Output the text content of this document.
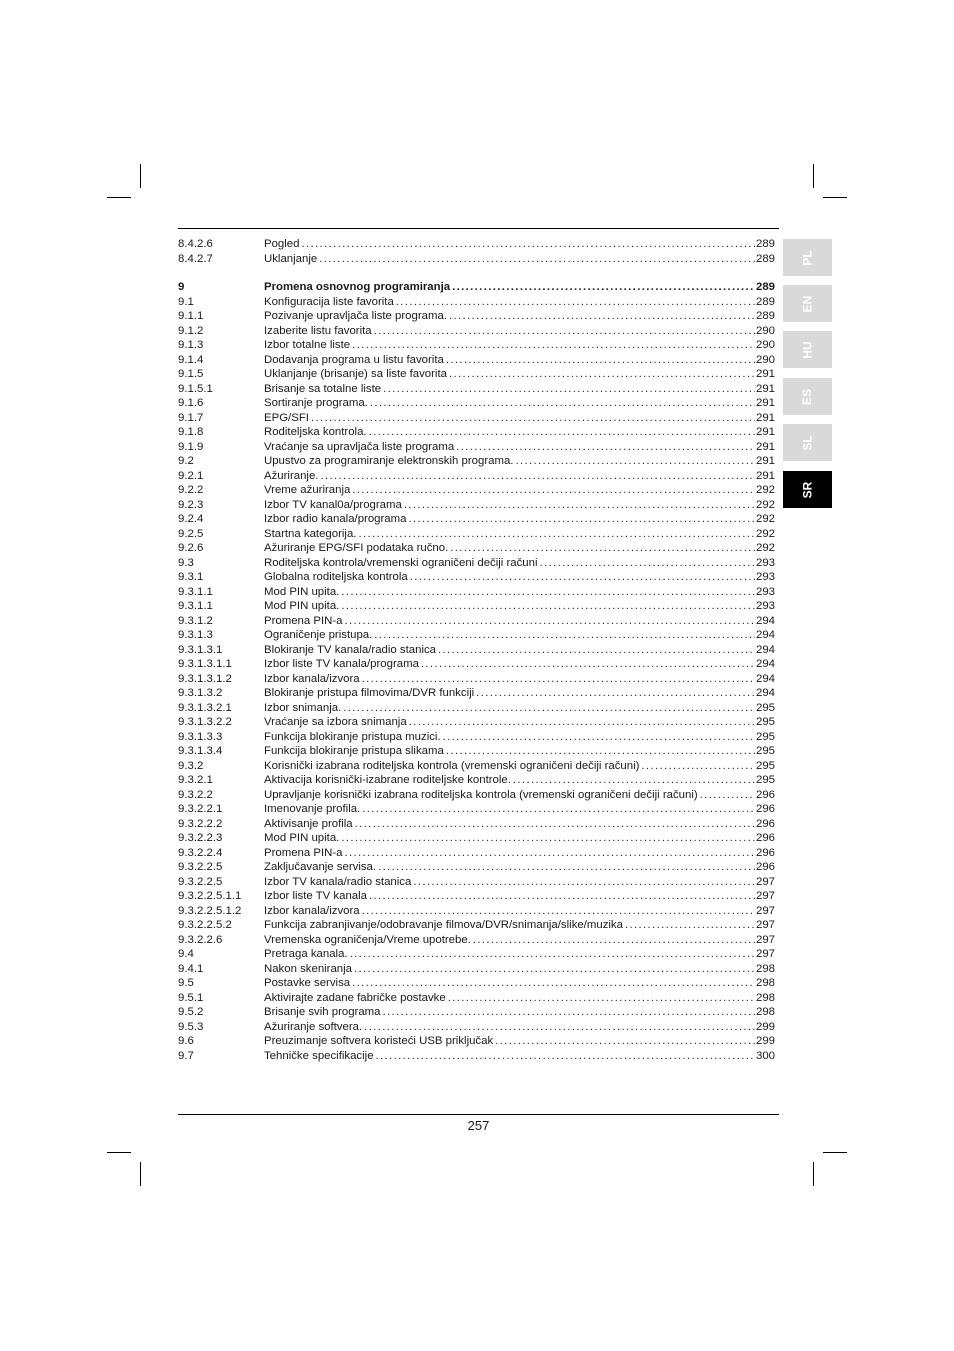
8.4.2.6	Pogled .....	289
8.4.2.7	Uklanjanje .....	289
9	Promena osnovnog programiranja .....	289
9.1	Konfiguracija liste favorita .....	289
9.1.1	Pozivanje upravljača liste programa. .....	289
9.1.2	Izaberite listu favorita .....	290
9.1.3	Izbor totalne liste .....	290
9.1.4	Dodavanja programa u listu favorita .....	290
9.1.5	Uklanjanje (brisanje) sa liste favorita .....	291
9.1.5.1	Brisanje sa totalne liste .....	291
9.1.6	Sortiranje programa. .....	291
9.1.7	EPG/SFI .....	291
9.1.8	Roditeljska kontrola. .....	291
9.1.9	Vraćanje sa upravljača liste programa .....	291
9.2	Upustvo za programiranje elektronskih programa. .....	291
9.2.1	Ažuriranje. .....	291
9.2.2	Vreme ažuriranja .....	292
9.2.3	Izbor TV kanal0a/programa .....	292
9.2.4	Izbor radio kanala/programa .....	292
9.2.5	Startna kategorija. .....	292
9.2.6	Ažuriranje EPG/SFI podataka ručno. .....	292
9.3	Roditeljska kontrola/vremenski ograničeni dečiji računi .....	293
9.3.1	Globalna roditeljska kontrola .....	293
9.3.1.1	Mod PIN upita. .....	293
9.3.1.1	Mod PIN upita. .....	293
9.3.1.2	Promena PIN-a .....	294
9.3.1.3	Ograničenje pristupa. .....	294
9.3.1.3.1	Blokiranje TV kanala/radio stanica .....	294
9.3.1.3.1.1	Izbor liste TV kanala/programa .....	294
9.3.1.3.1.2	Izbor kanala/izvora .....	294
9.3.1.3.2	Blokiranje pristupa filmovima/DVR funkciji .....	294
9.3.1.3.2.1	Izbor snimanja. .....	295
9.3.1.3.2.2	Vraćanje sa izbora snimanja .....	295
9.3.1.3.3	Funkcija blokiranje pristupa muzici. .....	295
9.3.1.3.4	Funkcija blokiranje pristupa slikama .....	295
9.3.2	Korisnički izabrana roditeljska kontrola (vremenski ograničeni dečiji računi) .....	295
9.3.2.1	Aktivacija korisnički-izabrane roditeljske kontrole. .....	295
9.3.2.2	Upravljanje korisnički izabrana roditeljska kontrola (vremenski ograničeni dečiji računi) .....	296
9.3.2.2.1	Imenovanje profila. .....	296
9.3.2.2.2	Aktivisanje profila .....	296
9.3.2.2.3	Mod PIN upita. .....	296
9.3.2.2.4	Promena PIN-a .....	296
9.3.2.2.5	Zaključavanje servisa. .....	296
9.3.2.2.5	Izbor TV kanala/radio stanica .....	297
9.3.2.2.5.1.1 Izbor liste TV kanala .....	297
9.3.2.2.5.1.2 Izbor kanala/izvora .....	297
9.3.2.2.5.2	Funkcija zabranjivanje/odobravanje filmova/DVR/snimanja/slike/muzika .....	297
9.3.2.2.6	Vremenska ograničenja/Vreme upotrebe. .....	297
9.4	Pretraga kanala. .....	297
9.4.1	Nakon skeniranja .....	298
9.5	Postavke servisa .....	298
9.5.1	Aktivirajte zadane fabričke postavke .....	298
9.5.2	Brisanje svih programa .....	298
9.5.3	Ažuriranje softvera. .....	299
9.6	Preuzimanje softvera koristeći USB priključak .....	299
9.7	Tehničke specifikacije .....	300
PL
EN
HU
ES
SL
SR
257
